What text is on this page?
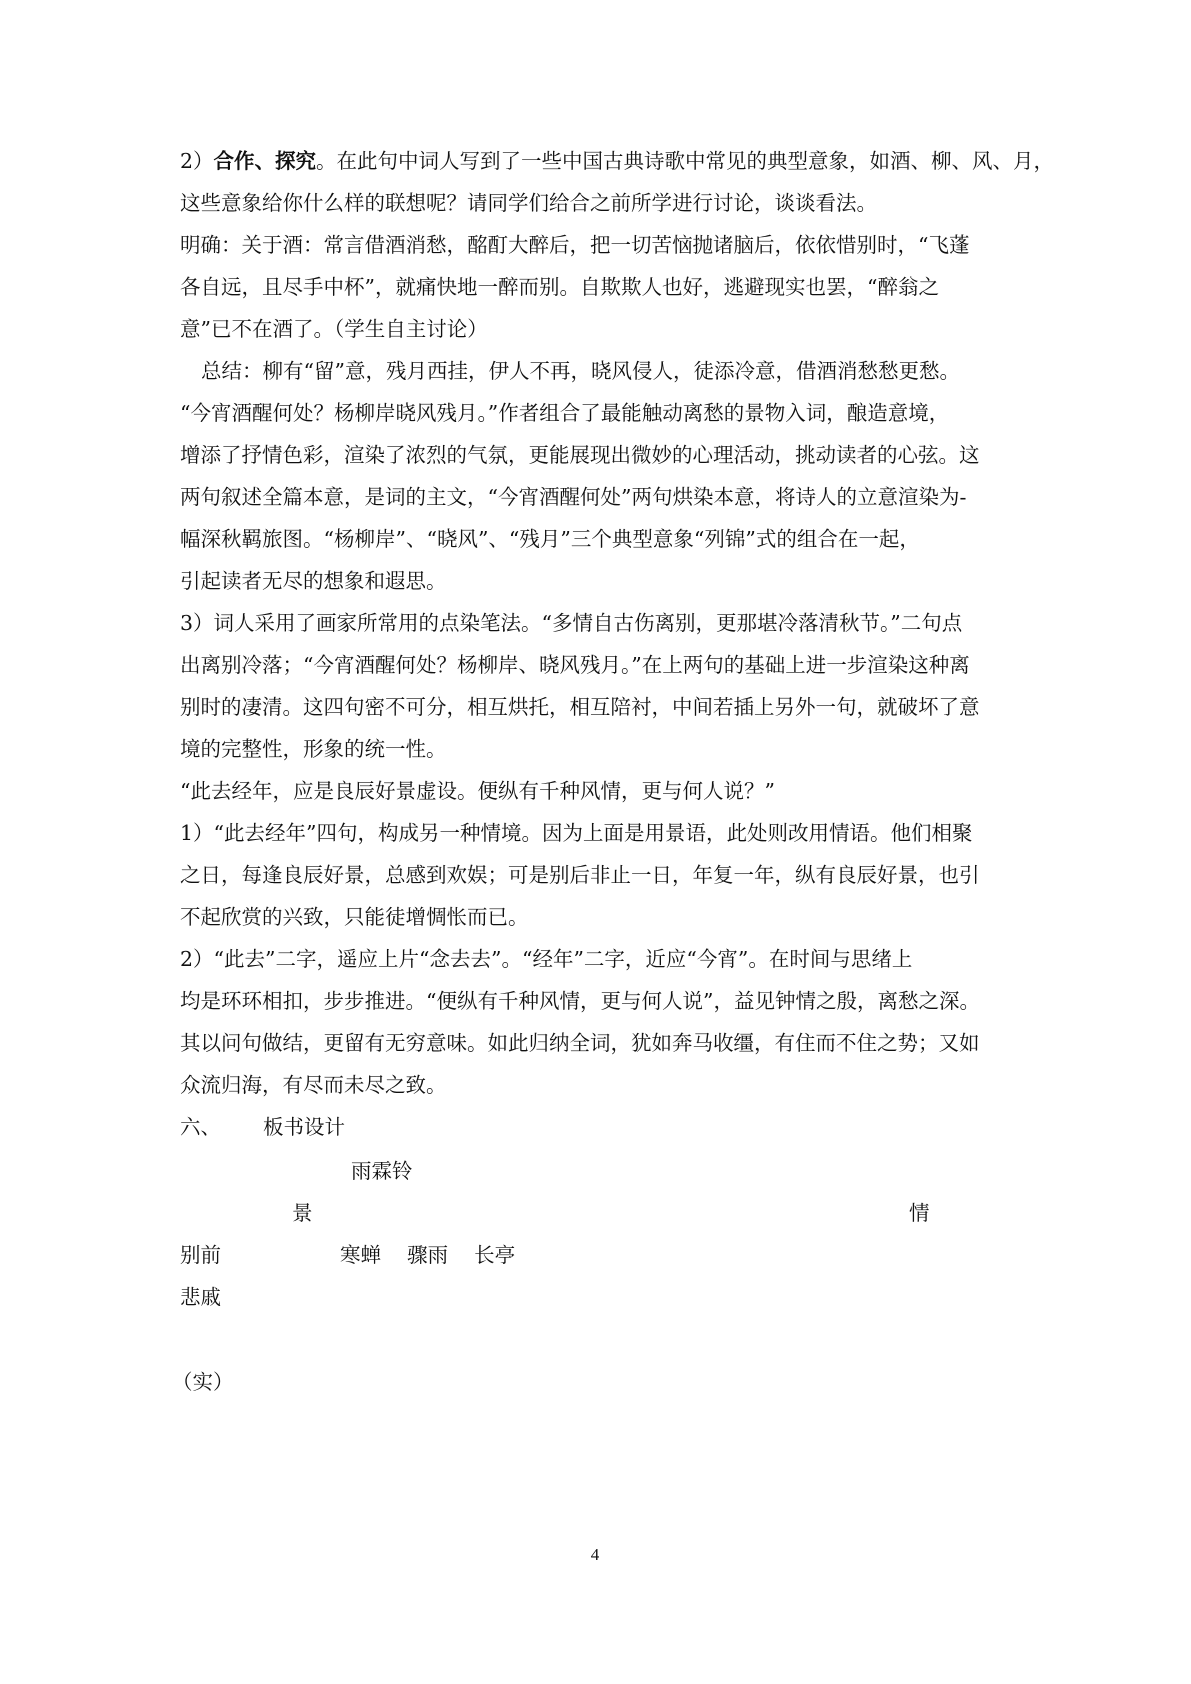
2）合作、探究。在此句中词人写到了一些中国古典诗歌中常见的典型意象，如酒、柳、风、月，
这些意象给你什么样的联想呢？请同学们给合之前所学进行讨论，谈谈看法。
明确：关于酒：常言借酒消愁，酩酊大醉后，把一切苦恼抛诸脑后，依依惜别时，“飞蓬
各自远，且尽手中杯”，就痛快地一醉而别。自欺欺人也好，逃避现实也罢，“醉翁之
意”已不在酒了。（学生自主讨论）
总结：柳有“留”意，残月西挂，伊人不再，晓风侵人，徒添冷意，借酒消愁愁更愁。
“今宵酒醒何处？杨柳岸晓风残月。”作者组合了最能触动离愁的景物入词，酿造意境，
增添了抒情色彩，渲染了浓烈的气氛，更能展现出微妙的心理活动，挑动读者的心弦。这
两句叙述全篇本意，是词的主文，“今宵酒醒何处”两句烘染本意，将诗人的立意渲染为-
幅深秋羁旅图。“杨柳岸”、“晓风”、“残月”三个典型意象“列锦”式的组合在一起，
引起读者无尽的想象和遐思。
3）词人采用了画家所常用的点染笔法。“多情自古伤离别，更那堪冷落清秋节。”二句点
出离别冷落；“今宵酒醒何处？杨柳岸、晓风残月。”在上两句的基础上进一步渲染这种离
别时的凄清。这四句密不可分，相互烘托，相互陪衬，中间若插上另外一句，就破坏了意
境的完整性，形象的统一性。
“此去经年，应是良辰好景虚设。便纵有千种风情，更与何人说？”
1）“此去经年”四句，构成另一种情境。因为上面是用景语，此处则改用情语。他们相聚
之日，每逢良辰好景，总感到欢娱；可是别后非止一日，年复一年，纵有良辰好景，也引
不起欣赏的兴致，只能徒增惆怅而已。
2）“此去”二字，遥应上片“念去去”。“经年”二字，近应“今宵”。在时间与思绪上
均是环环相扣，步步推进。“便纵有千种风情，更与何人说”，益见钟情之殷，离愁之深。
其以问句做结，更留有无穷意味。如此归纳全词，犹如奔马收缰，有住而不住之势；又如
众流归海，有尽而未尽之致。
六、 板书设计
雨霖铃
景	情
别前	寒蝉    骤雨    长亭
悲戚
（实）
4
